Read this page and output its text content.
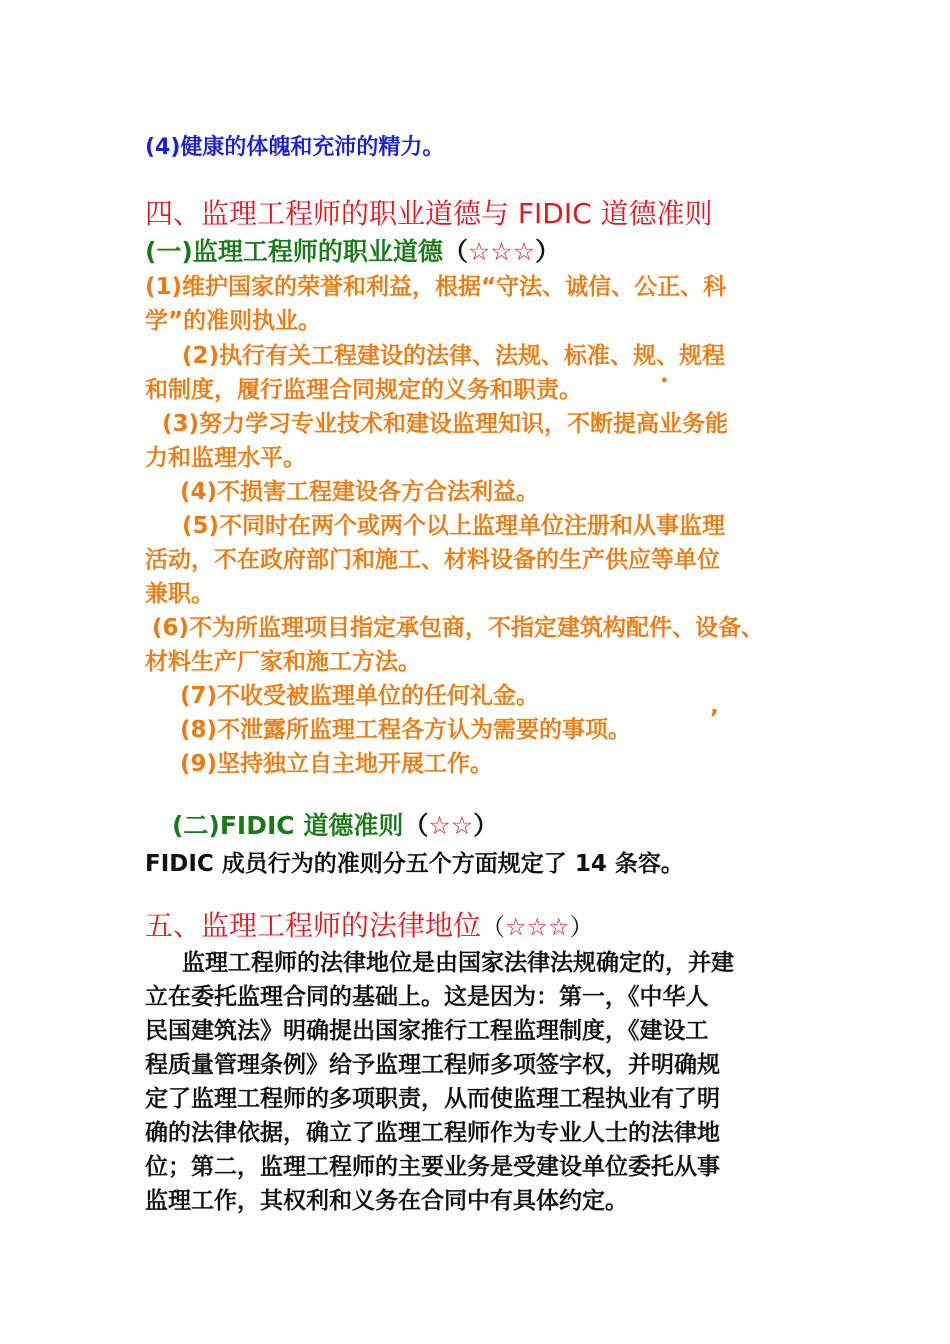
(4)健康的体魄和充沛的精力。
四、监理工程师的职业道德与 FIDIC 道德准则
(一)监理工程师的职业道德（☆☆☆）
(1)维护国家的荣誉和利益，根据“守法、诚信、公正、科
学”的准则执业。
(2)执行有关工程建设的法律、法规、标准、规、规程
和制度，履行监理合同规定的义务和职责。	·
(3)努力学习专业技术和建设监理知识，不断提高业务能
力和监理水平。
(4)不损害工程建设各方合法利益。
(5)不同时在两个或两个以上监理单位注册和从事监理
活动，不在政府部门和施工、材料设备的生产供应等单位
兼职。
(6)不为所监理项目指定承包商，不指定建筑构配件、设备、
材料生产厂家和施工方法。
(7)不收受被监理单位的任何礼金。
(8)不泄露所监理工程各方认为需要的事项。	’
(9)坚持独立自主地开展工作。
(二)FIDIC 道德准则（☆☆）
FIDIC 成员行为的准则分五个方面规定了 14 条容。
五、监理工程师的法律地位（☆☆☆）
监理工程师的法律地位是由国家法律法规确定的，并建
立在委托监理合同的基础上。这是因为：第一，《中华人
民国建筑法》明确提出国家推行工程监理制度，《建设工
程质量管理条例》给予监理工程师多项签字权，并明确规
定了监理工程师的多项职责，从而使监理工程执业有了明
确的法律依据，确立了监理工程师作为专业人士的法律地
位；第二，监理工程师的主要业务是受建设单位委托从事
监理工作，其权利和义务在合同中有具体约定。
